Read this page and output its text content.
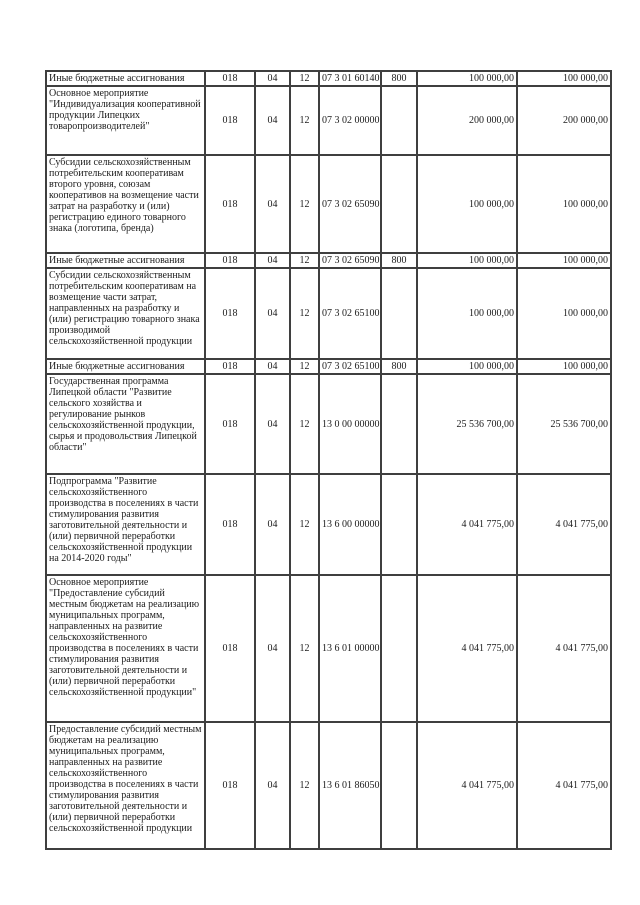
Иные бюджетные ассигнования	018	04	12	07 3 01 60140	800	100 000,00	100 000,00
Основное мероприятие "Индивидуализация кооперативной продукции Липецких товаропроизводителей"	018	04	12	07 3 02 00000		200 000,00	200 000,00
Субсидии сельскохозяйственным потребительским кооперативам второго уровня, союзам кооперативов на возмещение части затрат на разработку и (или) регистрацию единого товарного знака (логотипа, бренда)	018	04	12	07 3 02 65090		100 000,00	100 000,00
Иные бюджетные ассигнования	018	04	12	07 3 02 65090	800	100 000,00	100 000,00
Субсидии сельскохозяйственным потребительским кооперативам на возмещение части затрат, направленных на разработку и (или) регистрацию товарного знака производимой сельскохозяйственной продукции	018	04	12	07 3 02 65100		100 000,00	100 000,00
Иные бюджетные ассигнования	018	04	12	07 3 02 65100	800	100 000,00	100 000,00
Государственная программа Липецкой области "Развитие сельского хозяйства и регулирование рынков сельскохозяйственной продукции, сырья и продовольствия Липецкой области"	018	04	12	13 0 00 00000		25 536 700,00	25 536 700,00
Подпрограмма "Развитие сельскохозяйственного производства в поселениях в части стимулирования развития заготовительной деятельности и (или) первичной переработки сельскохозяйственной продукции на 2014-2020 годы"	018	04	12	13 6 00 00000		4 041 775,00	4 041 775,00
Основное мероприятие "Предоставление субсидий местным бюджетам на реализацию муниципальных программ, направленных на развитие сельскохозяйственного производства в поселениях в части стимулирования развития заготовительной деятельности и (или) первичной переработки сельскохозяйственной продукции"	018	04	12	13 6 01 00000		4 041 775,00	4 041 775,00
Предоставление субсидий местным бюджетам на реализацию муниципальных программ, направленных на развитие сельскохозяйственного производства в поселениях в части стимулирования развития заготовительной деятельности и (или) первичной переработки сельскохозяйственной продукции	018	04	12	13 6 01 86050		4 041 775,00	4 041 775,00
